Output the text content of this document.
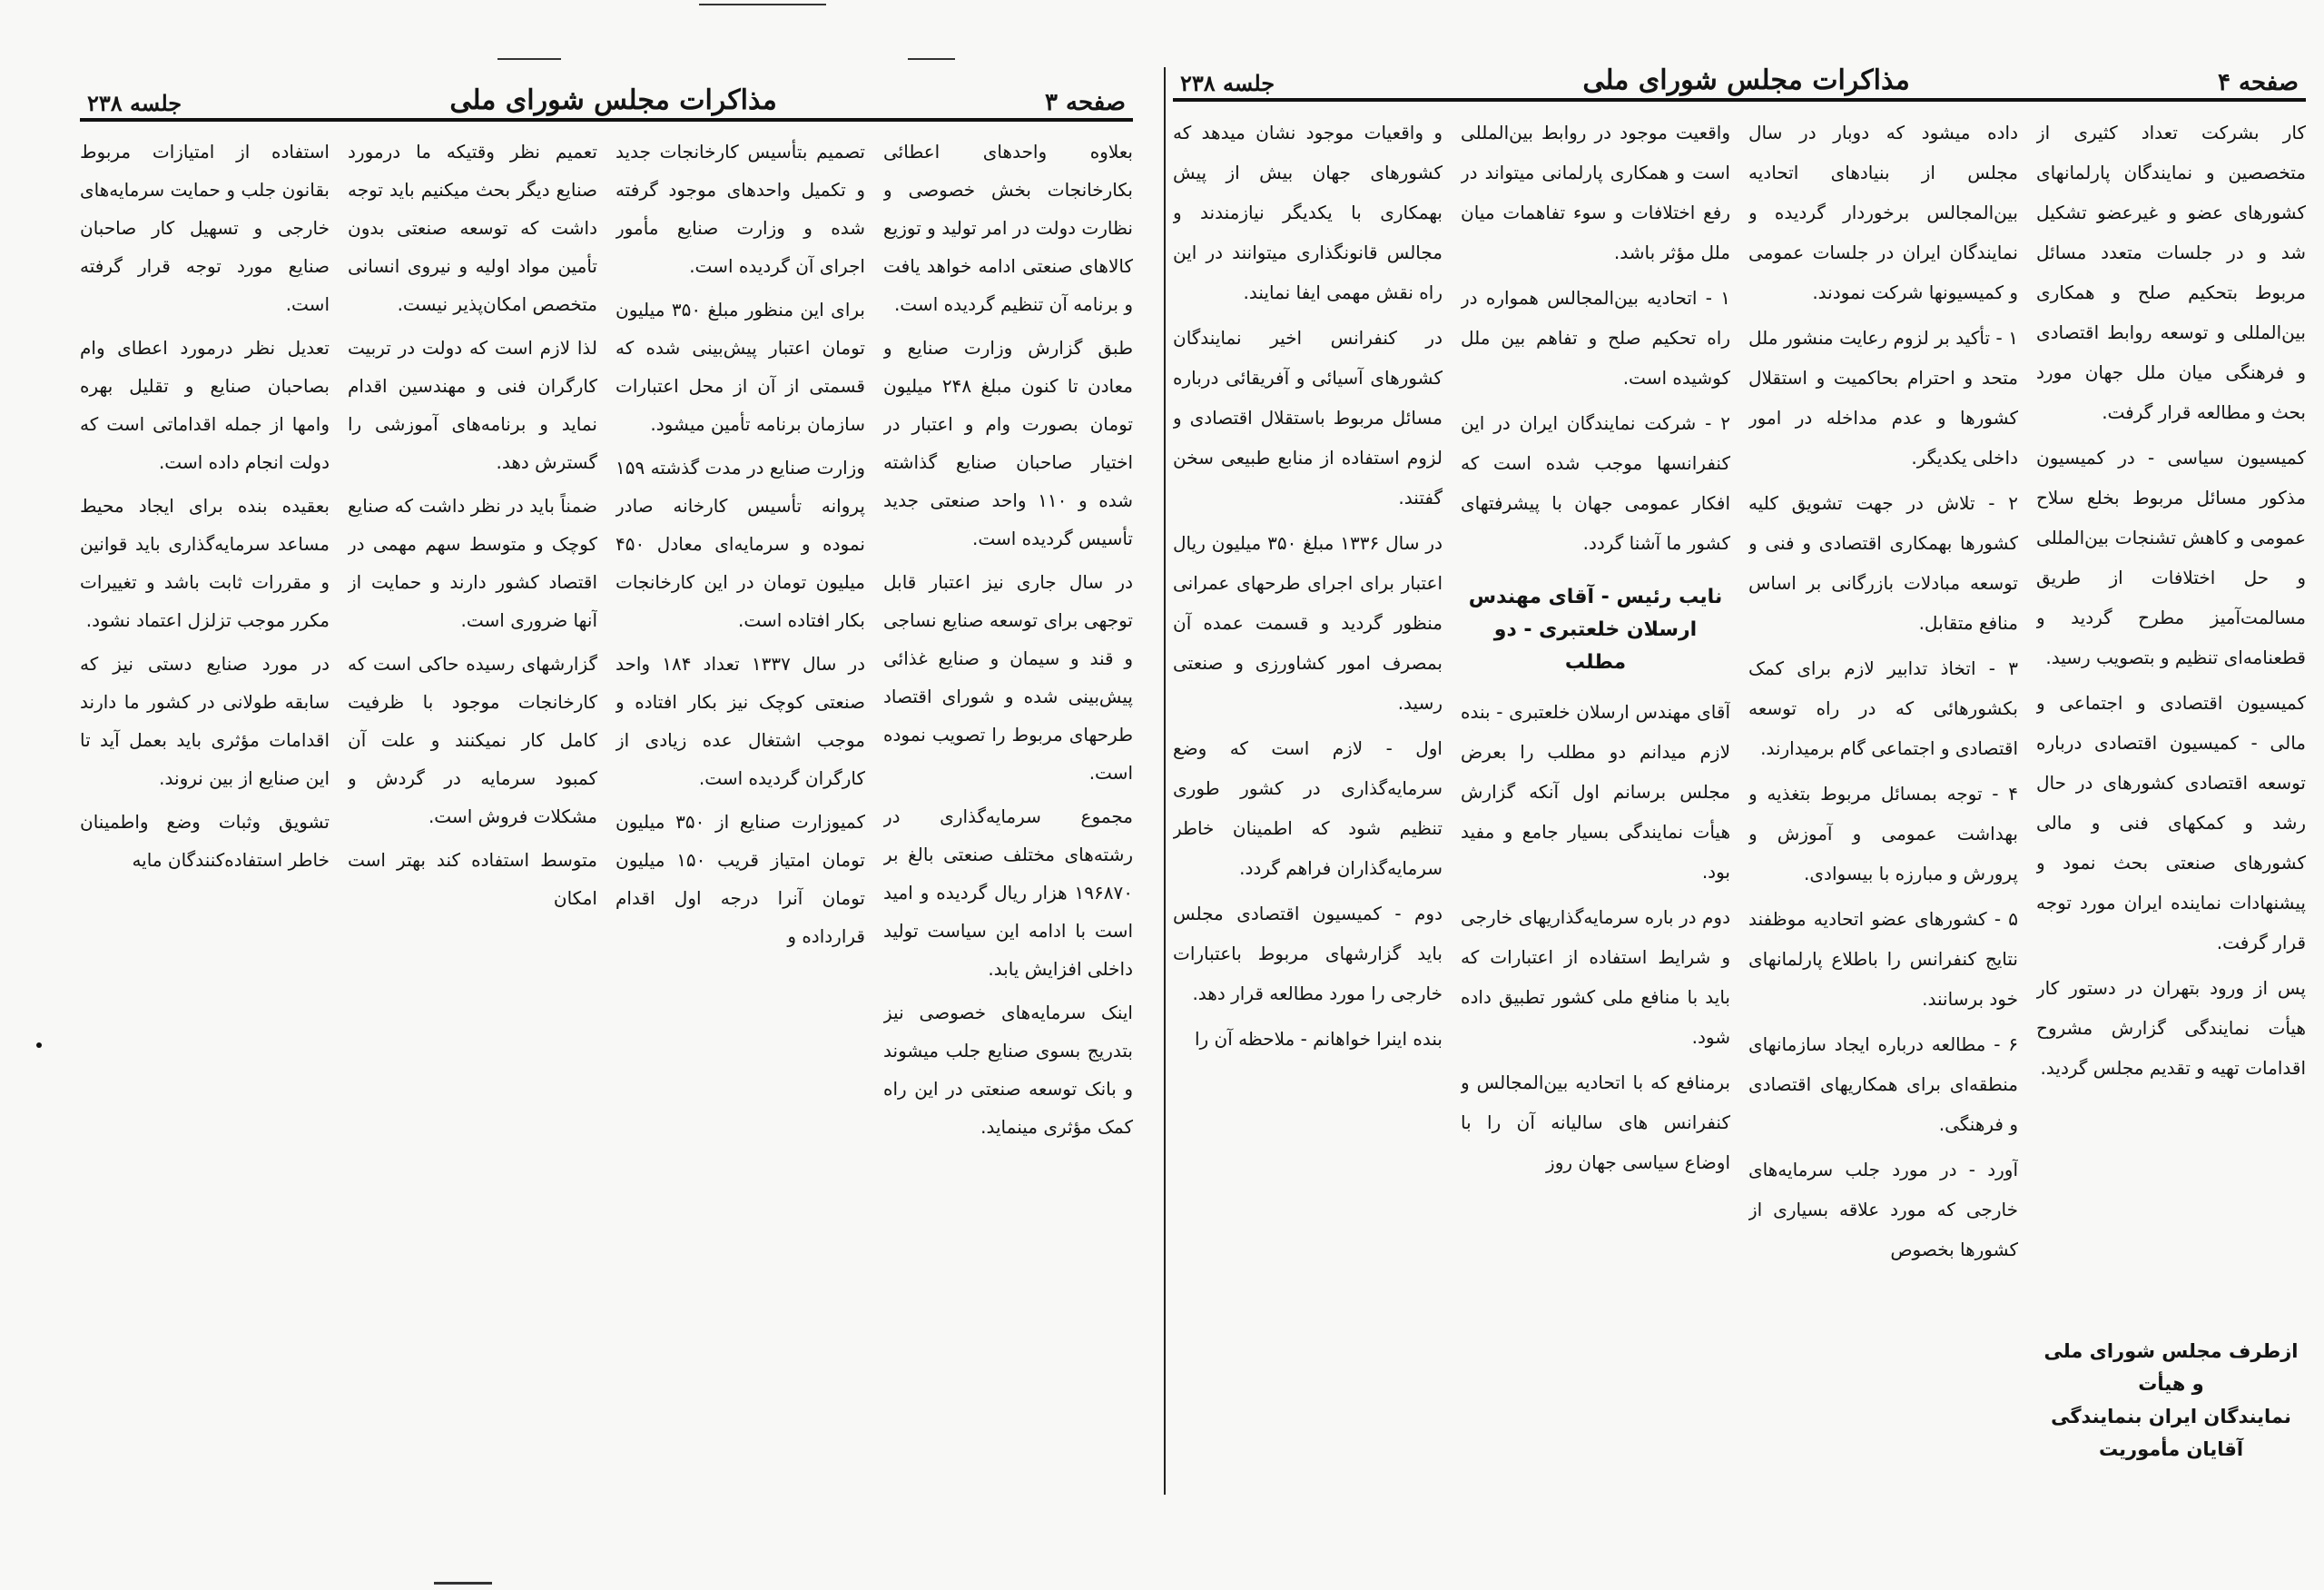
صفحه ۳
مذاکرات مجلس شورای ملی
جلسه ۲۳۸

بعلاوه واحدهای اعطائی بکارخانجات بخش خصوصی و نظارت دولت در امر تولید و توزیع کالاهای صنعتی ادامه خواهد یافت و برنامه آن تنظیم گردیده است.

طبق گزارش وزارت صنایع و معادن تا کنون مبلغ ۲۴۸ میلیون تومان بصورت وام و اعتبار در اختیار صاحبان صنایع گذاشته شده و ۱۱۰ واحد صنعتی جدید تأسیس گردیده است.

در سال جاری نیز اعتبار قابل توجهی برای توسعه صنایع نساجی و قند و سیمان و صنایع غذائی پیش‌بینی شده و شورای اقتصاد طرحهای مربوط را تصویب نموده است.

مجموع سرمایه‌گذاری در رشته‌های مختلف صنعتی بالغ بر ۱۹۶۸۷۰ هزار ریال گردیده و امید است با ادامه این سیاست تولید داخلی افزایش یابد.

اینک سرمایه‌های خصوصی نیز بتدریج بسوی صنایع جلب میشوند و بانک توسعه صنعتی در این راه کمک مؤثری مینماید.

تصمیم بتأسیس کارخانجات جدید و تکمیل واحدهای موجود گرفته شده و وزارت صنایع مأمور اجرای آن گردیده است.

برای این منظور مبلغ ۳۵۰ میلیون تومان اعتبار پیش‌بینی شده که قسمتی از آن از محل اعتبارات سازمان برنامه تأمین میشود.

وزارت صنایع در مدت گذشته ۱۵۹ پروانه تأسیس کارخانه صادر نموده و سرمایه‌ای معادل ۴۵۰ میلیون تومان در این کارخانجات بکار افتاده است.

در سال ۱۳۳۷ تعداد ۱۸۴ واحد صنعتی کوچک نیز بکار افتاده و موجب اشتغال عده زیادی از کارگران گردیده است.

کمیوزارت صنایع از ۳۵۰ میلیون تومان امتیاز قریب ۱۵۰ میلیون تومان آنرا درجه اول اقدام قرارداده و

تعمیم نظر وقتیکه ما درمورد صنایع دیگر بحث میکنیم باید توجه داشت که توسعه صنعتی بدون تأمین مواد اولیه و نیروی انسانی متخصص امکان‌پذیر نیست.

لذا لازم است که دولت در تربیت کارگران فنی و مهندسین اقدام نماید و برنامه‌های آموزشی را گسترش دهد.

ضمناً باید در نظر داشت که صنایع کوچک و متوسط سهم مهمی در اقتصاد کشور دارند و حمایت از آنها ضروری است.

گزارشهای رسیده حاکی است که کارخانجات موجود با ظرفیت کامل کار نمیکنند و علت آن کمبود سرمایه در گردش و مشکلات فروش است.

متوسط استفاده کند بهتر است امکان

استفاده از امتیازات مربوط بقانون جلب و حمایت سرمایه‌های خارجی و تسهیل کار صاحبان صنایع مورد توجه قرار گرفته است.

تعدیل نظر درمورد اعطای وام بصاحبان صنایع و تقلیل بهره وامها از جمله اقداماتی است که دولت انجام داده است.

بعقیده بنده برای ایجاد محیط مساعد سرمایه‌گذاری باید قوانین و مقررات ثابت باشد و تغییرات مکرر موجب تزلزل اعتماد نشود.

در مورد صنایع دستی نیز که سابقه طولانی در کشور ما دارند اقدامات مؤثری باید بعمل آید تا این صنایع از بین نروند.

تشویق وثبات وضع واطمینان خاطر استفاده‌کنندگان مایه

صفحه ۴
مذاکرات مجلس شورای ملی
جلسه ۲۳۸

کار بشرکت تعداد کثیری از متخصصین و نمایندگان پارلمانهای کشورهای عضو و غیرعضو تشکیل شد و در جلسات متعدد مسائل مربوط بتحکیم صلح و همکاری بین‌المللی و توسعه روابط اقتصادی و فرهنگی میان ملل جهان مورد بحث و مطالعه قرار گرفت.

کمیسیون سیاسی - در کمیسیون مذکور مسائل مربوط بخلع سلاح عمومی و کاهش تشنجات بین‌المللی و حل اختلافات از طریق مسالمت‌آمیز مطرح گردید و قطعنامه‌ای تنظیم و بتصویب رسید.

کمیسیون اقتصادی و اجتماعی و مالی - کمیسیون اقتصادی درباره توسعه اقتصادی کشورهای در حال رشد و کمکهای فنی و مالی کشورهای صنعتی بحث نمود و پیشنهادات نماینده ایران مورد توجه قرار گرفت.

پس از ورود بتهران در دستور کار هیأت نمایندگی گزارش مشروح اقدامات تهیه و تقدیم مجلس گردید.

ازطرف مجلس شورای ملی و هیأت
نمایندگان ایران بنمایندگی آقایان مأموریت

داده میشود که دوبار در سال مجلس از بنیادهای اتحادیه بین‌المجالس برخوردار گردیده و نمایندگان ایران در جلسات عمومی و کمیسیونها شرکت نمودند.

۱ - تأکید بر لزوم رعایت منشور ملل متحد و احترام بحاکمیت و استقلال کشورها و عدم مداخله در امور داخلی یکدیگر.

۲ - تلاش در جهت تشویق کلیه کشورها بهمکاری اقتصادی و فنی و توسعه مبادلات بازرگانی بر اساس منافع متقابل.

۳ - اتخاذ تدابیر لازم برای کمک بکشورهائی که در راه توسعه اقتصادی و اجتماعی گام برمیدارند.

۴ - توجه بمسائل مربوط بتغذیه و بهداشت عمومی و آموزش و پرورش و مبارزه با بیسوادی.

۵ - کشورهای عضو اتحادیه موظفند نتایج کنفرانس را باطلاع پارلمانهای خود برسانند.

۶ - مطالعه درباره ایجاد سازمانهای منطقه‌ای برای همکاریهای اقتصادی و فرهنگی.

آورد - در مورد جلب سرمایه‌های خارجی که مورد علاقه بسیاری از کشورها بخصوص

واقعیت موجود در روابط بین‌المللی است و همکاری پارلمانی میتواند در رفع اختلافات و سوء تفاهمات میان ملل مؤثر باشد.

۱ - اتحادیه بین‌المجالس همواره در راه تحکیم صلح و تفاهم بین ملل کوشیده است.

۲ - شرکت نمایندگان ایران در این کنفرانسها موجب شده است که افکار عمومی جهان با پیشرفتهای کشور ما آشنا گردد.

نایب رئیس - آقای مهندس
ارسلان خلعتبری - دو مطلب

آقای مهندس ارسلان خلعتبری - بنده لازم میدانم دو مطلب را بعرض مجلس برسانم اول آنکه گزارش هیأت نمایندگی بسیار جامع و مفید بود.

دوم در باره سرمایه‌گذاریهای خارجی و شرایط استفاده از اعتبارات که باید با منافع ملی کشور تطبیق داده شود.

برمنافع که با اتحادیه بین‌المجالس و کنفرانس های سالیانه آن را با اوضاع سیاسی جهان روز

و واقعیات موجود نشان میدهد که کشورهای جهان بیش از پیش بهمکاری با یکدیگر نیازمندند و مجالس قانونگذاری میتوانند در این راه نقش مهمی ایفا نمایند.

در کنفرانس اخیر نمایندگان کشورهای آسیائی و آفریقائی درباره مسائل مربوط باستقلال اقتصادی و لزوم استفاده از منابع طبیعی سخن گفتند.

در سال ۱۳۳۶ مبلغ ۳۵۰ میلیون ریال اعتبار برای اجرای طرحهای عمرانی منظور گردید و قسمت عمده آن بمصرف امور کشاورزی و صنعتی رسید.

اول - لازم است که وضع سرمایه‌گذاری در کشور طوری تنظیم شود که اطمینان خاطر سرمایه‌گذاران فراهم گردد.

دوم - کمیسیون اقتصادی مجلس باید گزارشهای مربوط باعتبارات خارجی را مورد مطالعه قرار دهد.

بنده اینرا خواهانم - ملاحظه آن را
